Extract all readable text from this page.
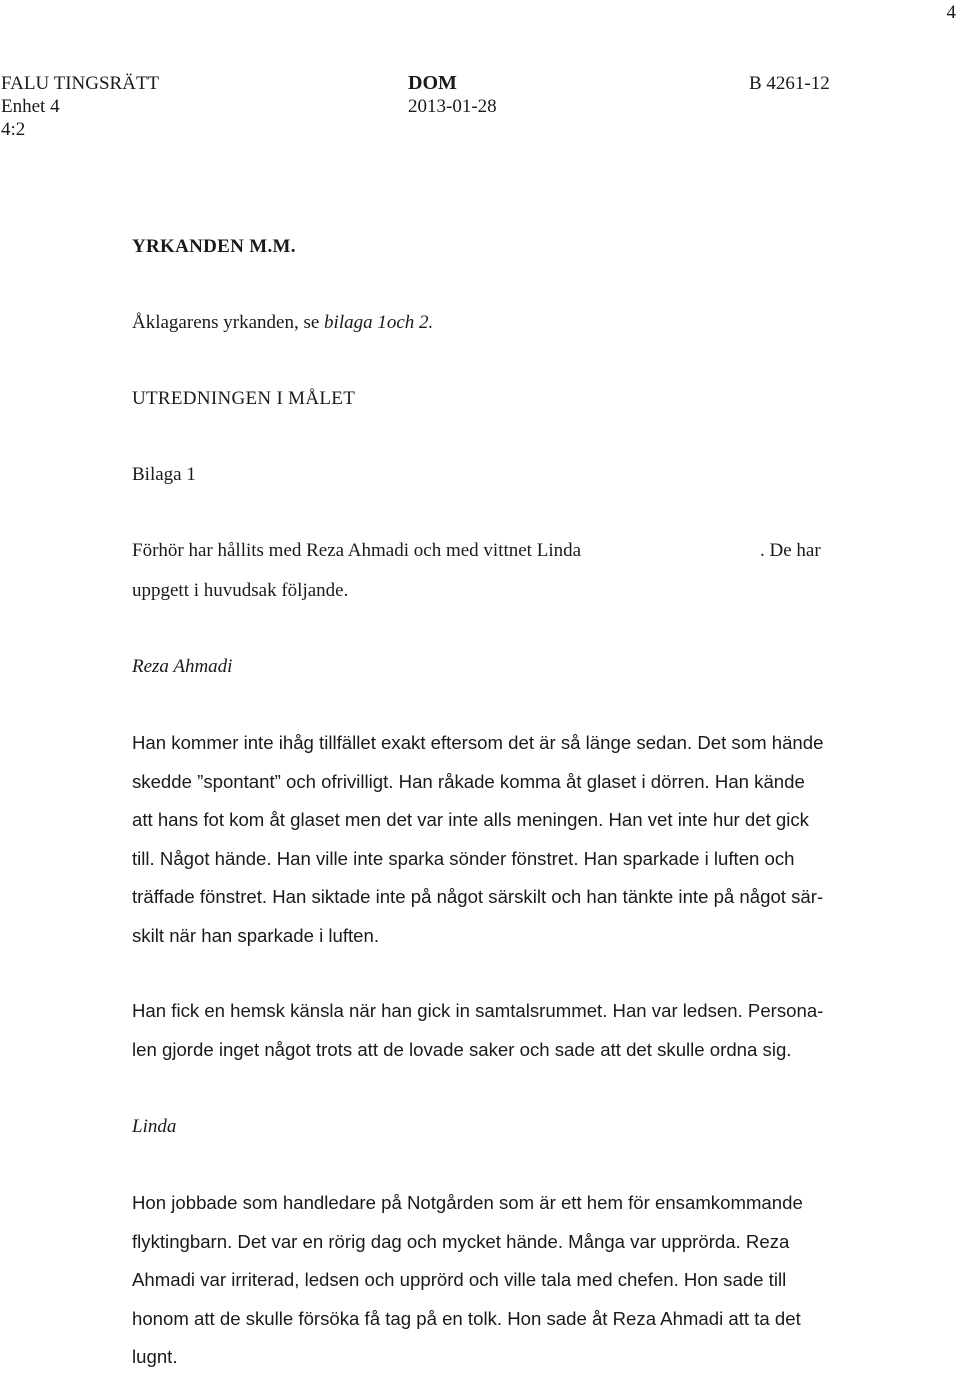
4
FALU TINGSRÄTT
Enhet 4
4:2
DOM
2013-01-28
B 4261-12
YRKANDEN M.M.
Åklagarens yrkanden, se bilaga 1och 2.
UTREDNINGEN I MÅLET
Bilaga 1
Förhör har hållits med Reza Ahmadi och med vittnet Linda	. De har
uppgett i huvudsak följande.
Reza Ahmadi

Han kommer inte ihåg tillfället exakt eftersom det är så länge sedan. Det som hände
skedde ”spontant” och ofrivilligt. Han råkade komma åt glaset i dörren. Han kände
att hans fot kom åt glaset men det var inte alls meningen. Han vet inte hur det gick
till. Något hände. Han ville inte sparka sönder fönstret. Han sparkade i luften och
träffade fönstret. Han siktade inte på något särskilt och han tänkte inte på något sär-
skilt när han sparkade i luften.

Han fick en hemsk känsla när han gick in samtalsrummet. Han var ledsen. Persona-
len gjorde inget något trots att de lovade saker och sade att det skulle ordna sig.

Linda

Hon jobbade som handledare på Notgården som är ett hem för ensamkommande
flyktingbarn. Det var en rörig dag och mycket hände. Många var upprörda. Reza
Ahmadi var irriterad, ledsen och upprörd och ville tala med chefen. Hon sade till
honom att de skulle försöka få tag på en tolk. Hon sade åt Reza Ahmadi att ta det
lugnt.
